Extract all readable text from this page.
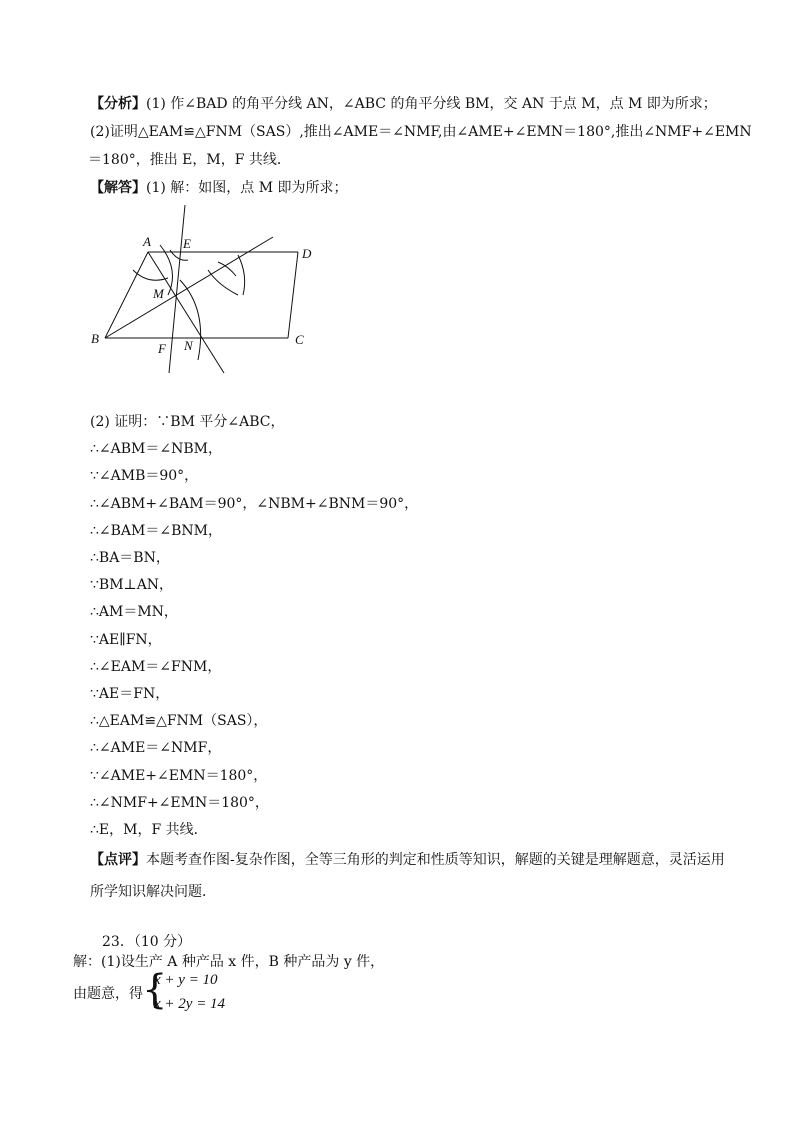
【分析】(1) 作∠BAD 的角平分线 AN，∠ABC 的角平分线 BM，交 AN 于点 M，点 M 即为所求；
(2)证明△EAM≌△FNM（SAS）,推出∠AME＝∠NMF,由∠AME+∠EMN＝180°,推出∠NMF+∠EMN
＝180°，推出 E，M，F 共线．
【解答】(1) 解：如图，点 M 即为所求；
A E
D
M
B
F N	C
(2) 证明：∵BM 平分∠ABC，
∴∠ABM＝∠NBM，
∵∠AMB＝90°，
∴∠ABM+∠BAM＝90°，∠NBM+∠BNM＝90°，
∴∠BAM＝∠BNM，
∴BA＝BN，
∵BM⊥AN，
∴AM＝MN，
∵AE∥FN，
∴∠EAM＝∠FNM，
∵AE＝FN，
∴△EAM≌△FNM（SAS），
∴∠AME＝∠NMF，
∵∠AME+∠EMN＝180°，
∴∠NMF+∠EMN＝180°，
∴E，M，F 共线．
【点评】本题考查作图-复杂作图，全等三角形的判定和性质等知识，解题的关键是理解题意，灵活运用
所学知识解决问题．
23．（10 分）
解：(1)设生产 A 种产品 x 件，B 种产品为 y 件，
由题意，得 {
x + y = 10
x + 2y = 14
